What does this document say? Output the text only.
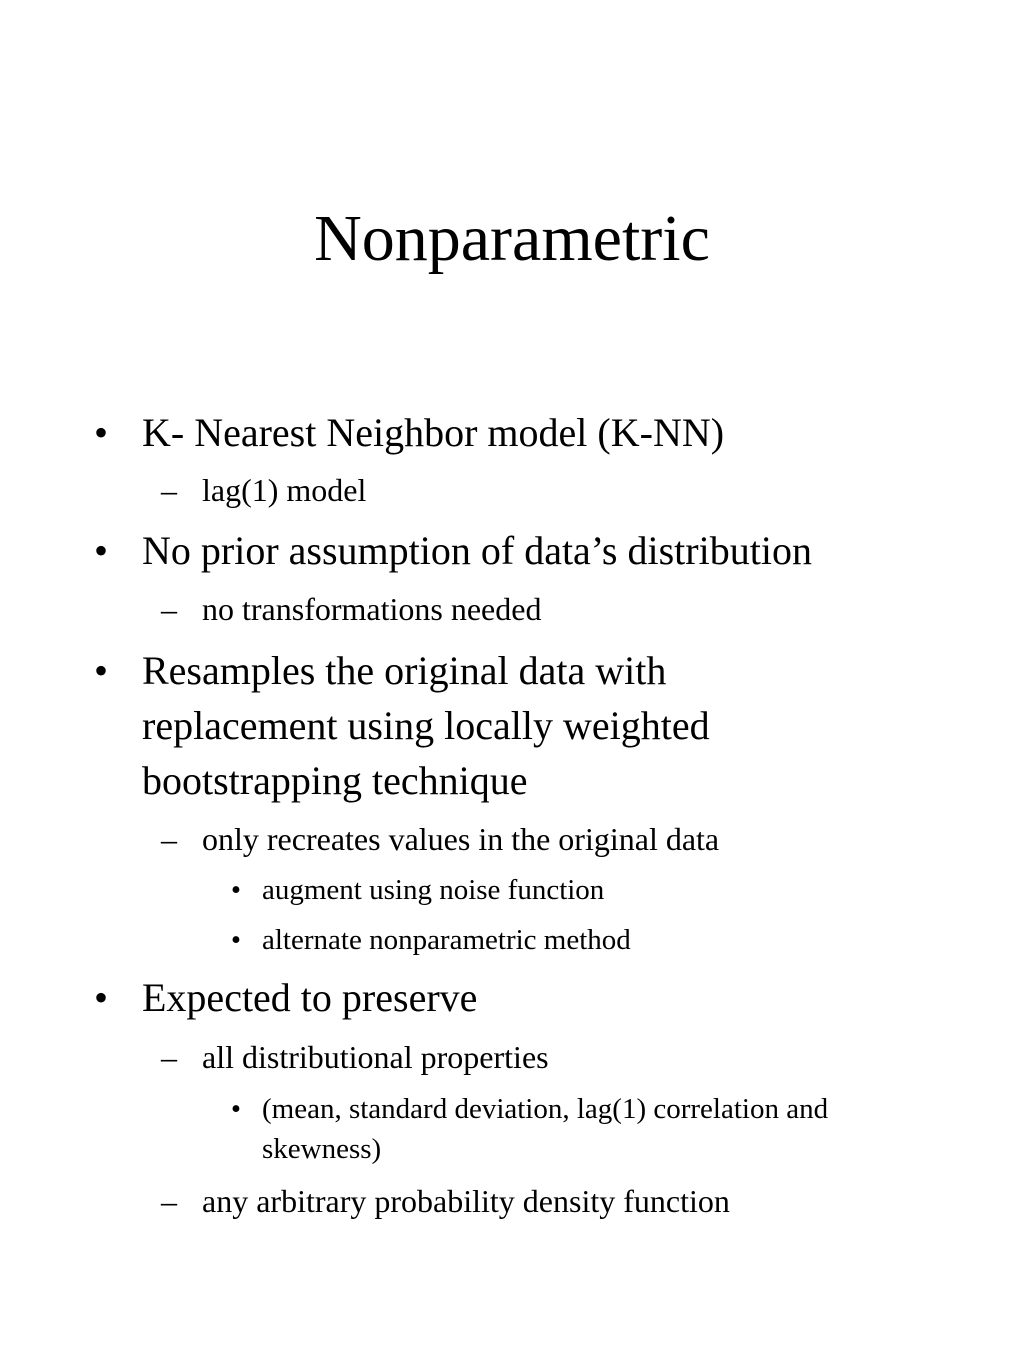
Nonparametric
• K- Nearest Neighbor model (K-NN)
– lag(1) model
• No prior assumption of data’s distribution
– no transformations needed
• Resamples the original data with
replacement using locally weighted
bootstrapping technique
– only recreates values in the original data
• augment using noise function
• alternate nonparametric method
• Expected to preserve
– all distributional properties
• (mean, standard deviation, lag(1) correlation and
skewness)
– any arbitrary probability density function
